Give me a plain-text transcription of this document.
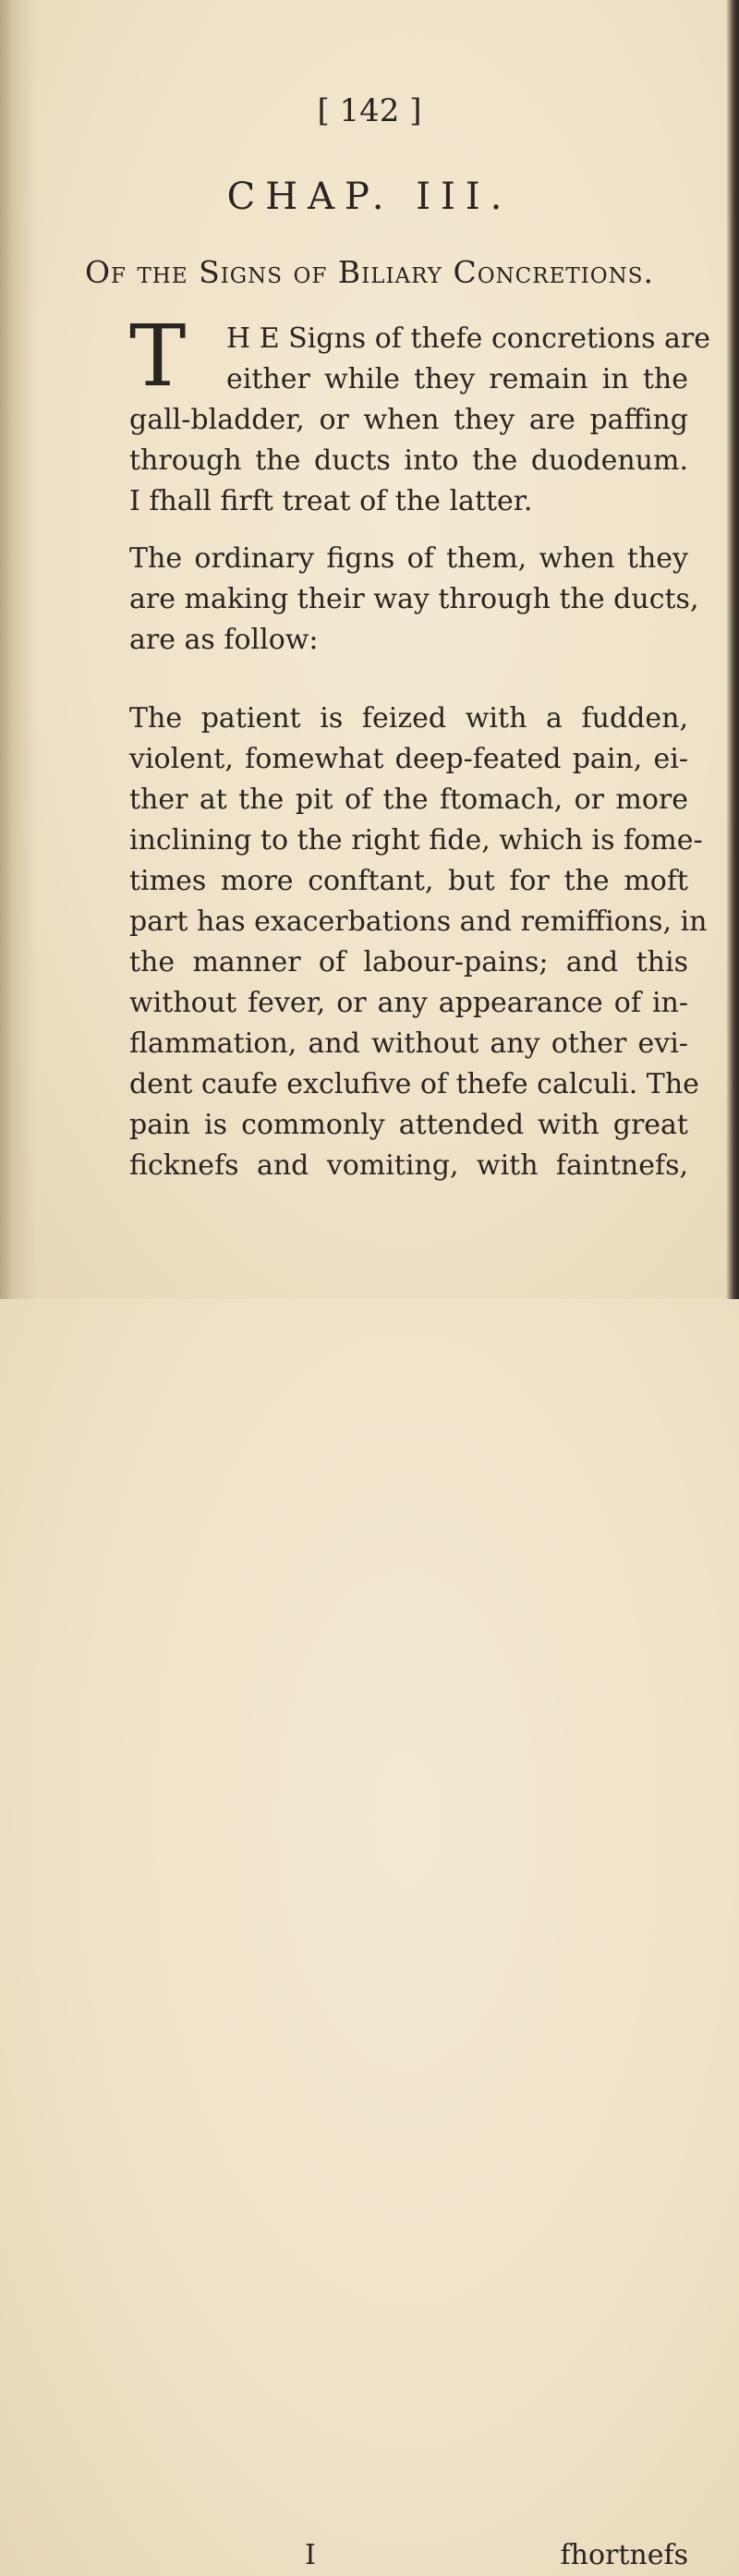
[ 142 ]
CHAP. III.
Of the Signs of Biliary Concretions.
T	H E Signs of thefe concretions are
either while they remain in the
gall-bladder, or when they are paffing
through the ducts into the duodenum.
I fhall firft treat of the latter.

The ordinary figns of them, when they
are making their way through the ducts,
are as follow:

The patient is feized with a fudden,
violent, fomewhat deep-feated pain, ei-
ther at the pit of the ftomach, or more
inclining to the right fide, which is fome-
times more conftant, but for the moft
part has exacerbations and remiffions, in
the manner of labour-pains; and this
without fever, or any appearance of in-
flammation, and without any other evi-
dent caufe exclufive of thefe calculi. The
pain is commonly attended with great
ficknefs and vomiting, with faintnefs,

I	fhortnefs
